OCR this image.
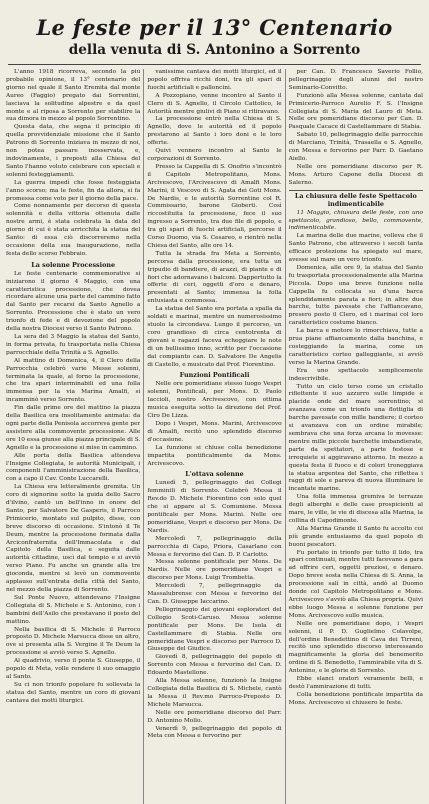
Le feste per il 13° Centenario
della venuta di S. Antonino a Sorrento

L'anno 1918 ricorreva, secondo la più probabile opinione, il 13° centenario del giorno nel quale il Santo Eremita dal monte Aureo (Faggio) pregato dai Sorrentini, lasciava la solitudine alpestre e da quel monte e al riposa a Sorrento per stabilire la sua dimora in mezzo al popolo Sorrentino.

Questa data, che segna il principio di quella provvidenziale missione che il Santo Patrono di Sorrento iniziava in mezzo di noi, non potea passare inosservata, e, indovinamente, i preposti alla Chiesa del Santo l'hanno voluto celebrare con speciali e solenni festeggiamenti.

La guerra impedì che fosse festeggiata l'anno scorso; ma le feste, fin da allora, si fa promessa come voto per il giorno della pace.

Come nonnamente per decorso di questa solennità e della vittoria ottenuta dalle nostre armi, è stata celebrata la data del giorno di cui è stata arricchita la statua del Santo: di essa ciò discorreremo nella occasione della sua inaugurazione, nella festa dello scorso Febbraio.

La solenne Processione

Le feste centenarie commemorative si iniziarono il giorno 4 Maggio, con una caratteristica processione, che dovea ricordare alcune una parte del cammino fatto dal Santo per recarsi da Santo Agnello a Sorrento. Processione che è stato un vero trionfo di fede e di devozione del popolo della nostra Diocesi verso il Santo Patrono.

La sera del 3 Maggio la statua del Santo, in forma privata, fu trasportata nella Chiesa parrocchiale della Trinità a S. Agnello.

Al mattino di Domenica, 4, il Clero della Parrocchia celebrò varie Messe solenni, terminata la quale, al forno la processione, che tra spari interminabili ed una folla immensa per la via Marina Amalfi, si incamminò verso Sorrento.

Fin dalle prime ore del mattino la piazza della Basilica era insolitamente animata: da ogni parte della Penisola accorreva gente per assistere alla commovente processione. Alle ore 10 essa giunse alla piazza principale di S. Agnello e la processione si mise in cammino.

Alle porta della Basilica attendeva l'Insigne Collegiata, le autorità Municipali, i componenti l'amministrazione della Basilica, con a capo il Cav. Conte Luccarelli.

La Chiesa era letteralmente gremita. Un coro di signorine sotto la guida dello Sacro d'ilvino, cantò un bell'inno in onore del Santo, per Salvatore De Gasperis, il Parroco Primicerio, montato sul pulpito, disse, con breve discorso di occasione. S'intonò il Te Deum, mentre la processione formata dalla Arciconfraternita dell'Immacolata e dal Capitolo della Basilica, e seguita dalle autorità cittadine, uscì dal tempio e si avviò verso Piano. Fu anche un grande alla tre gioconda, mentre si levò un commovente applauso sull'entrata della città del Santo, nel mezzo della piazza di Sorrento.

Sul Ponte Nuovo, attendevano l'Insigne Collegiata di S. Michele e S. Antonino, con i bambini dell'Asilo che prestavano il posto del mattino.

Nella basilica di S. Michele il Parroco proposto D. Michele Marsucca disse un altro, ove si presenta alla S. Vergine il Te Deum la processione si avviò verso S. Agnello.

Al quadrivio, verso il ponte S. Giuseppe, il popolo di Meta, volle rendere il suo omaggio al Santo.

Su ci non trionfo popolare fu sollevata la statua del Santo, mentre un coro di giovani cantava dei motti liturgici.

vanissime cantava dei motti liturgici, ed il popolo offriva ricchi doni, tra gli spari di fuochi artificiali e palloncini.

A Pozzopiano, venne incontro al Santo il Clero di S. Agnello, il Circolo Cattolico, le Autorità mentre giulivi di Piano si ritiravano.

La processione entrò nella Chiesa di S. Agnello, dove le autorità ed il popolo prestarono al Santo i loro doni e le loro offerte.

Quivi vennero incontro al Santo le corporazioni di Sorrento.

Presso la Cappella di S. Onofrio s'incontrò il Capitolo Metropolitano, Mons. Arcivescovo, l'Arcivescovo di Amalfi Mons. Marini, il Vescovo di S. Agata dei Goti Mons. De Nardis, e le autorità Sorrentine col R. Commissario, barone Gioberti. Così riccostituita la processione, fece il suo ingresso a Sorrento, tra due file di popolo, e tra gli spari di fuochi artificiali, percorse il Corso Duomo, via S. Cesareo, e rientrò nella Chiesa del Santo, alle ore 14.

Tutta la strada fra Meta a Sorrento, percorsa dalla processione, era tutta un tripudio di bandiere, di arazzi, di piante e di fiori che adornavano i balconi. Dappertutto la offerte di ceri, oggetti d'oro e denaro, presentati al Santo; immensa la folla entusiasta e commossa.

La statua del Santo era portata a spalla da soldati e marinai, mentre un numerosissimo stuolo la circondava. Lungo il percorso, un coro grandioso di circa centotrenta di giovani e ragazzi faceva echeggiare le note di un bellissimo inno, scritto per l'occasione dal compianto can. D. Salvatore De Angelis di Castello, e musicato dal Prof. Fiorentino.

Funzioni Pontificali

Nelle ore pomeridiane stesso luogo Vespri solenni, Pontificali, per Mons. D. Paolo Iaccioli, nostro Arcivescovo, con ottima musica eseguita sotto la direzione del Prof. Ciro De Lizza.

Dopo i Vespri, Mons. Marini, Arcivescovo di Amalfi, recitò uno splendido discorso d'occasione.

La funzione si chiuse colla benedizione impartita pontificalmente da Mons. Arcivescovo.

L'ottava solenne

Lunedì 5, pellegrinaggio dei Collegi femminili di Sorrento. Celebrò Messa il Rev.do D. Michele Fiorentino con solo quel che si appare al S. Comunione. Messa pontificale per Mons. Marini. Nelle ore pomeridiane, Vespri e discorso per Mons. De Nardis.

Mercoledì 7, pellegrinaggio della parrocchia di Capo, Priora, Casarlano con Messa e fervorino del Can. D. P. Carlotto.

Messa solenne pontificale per Mons. De Nardis. Nelle ore pomeridiane Vespri e discorso per Mons. Luigi Trombetta.

Mercoledì 7, pellegrinaggio da Massalubrense con Messa e fervorino del Can. D. Giuseppe Iaccarino.

Pellegrinaggio dei giovani esploratori del Collegio Scoti-Caruso. Messa solenne pontificale per Mons. De Isola di Castellammare di Stabia. Nelle ore pomeridiane Vespri e discorso per Parroco D. Giuseppe del Giudice.

Giovedì 8, pellegrinaggio del popolo di Sorrento con Messa e fervorino del Can. D. Edoardo Mastellone.

Alla Messa solenne, funzionò la Insigne Collegiata della Basilica di S. Michele, cantò la Messa il Rev.mo Parroco-Preposto D. Michele Marsucca.

Nelle ore pomeridiane discorso del Parr. D. Antonino Mollo.

Venerdì 9, pellegrinaggio dei popolo di Meta con Messa e fervorino per

per Can. D. Francesco Saverio Follio, pellegrinaggio degli alunni del nostro Seminario-Convitto.

Funzionò alla Messa solenne, cantata dal Primicerio-Parroco Aurelio F. S. l'Insigne Collegiata di S. Maria del Lauro di Meta. Nelle ore pomeridiane discorso per Can. D. Pasquale Cacace di Castellammare di Stabia.

Sabato 10, pellegrinaggio delle parrocchie di Marciano, Trinità, Trasaella e S. Agnello, con Messa e fervorino per Parr. D. Gaetano Aiello.

Nelle ore pomeridiane discorso per R. Mons. Arturo Capone della Diocesi di Salerno.

La chiusura delle feste Spettacolo indimenticabile

11 Maggio, chiusura delle feste, con uno spettacolo, grandioso, bello, commovente, indimenticabile.

La marina delle due marine, volleva che il Santo Patrono, che attraverso i secoli tanta efficace protezione ha spiegato sul mare, avesse sul mare un vero trionfo.

Domenica, alle ore 9, la statua del Santo fu trasportata processionalmente alla Marina Piccola. Dopo una breve funzione nella Cappella fu collocata su d'una barca splendidamente parata a fiori; in altre due barche, tutte pavesate che l'affiancavano, presero posto il Clero, ed i marinai col loro caratteristico costume bianco.

La barca e motore lo rimorchiava, tutte a prua piane affiancamento dalla banchina, e costeggiando la marina, come un caratteristico corteo galleggiante, si avviò verso la Marina Grande.

Era uno spettacolo semplicemente indescrivibile.

Tutto un cielo terso come un cristallo riflettente il suo azzurro sulle limpide e placide onde del mare sorrentino; si avanzava come un trionfo una flottiglia di barche pavesate con mille bandiere; il corteo si avanzava con un ordine mirabile; sembrava che una forza arcana lo movesse: mentre mille piccole barchette imbandierate, parte da spettatori, a parte festose e irrequiete si aggiravano attorno. In mezzo a questa festa il fuoco e di colori troneggiava la statua argentea del Santo, che riflettea i raggi di sole e pareva di nuova illuminare le incantate marine.

Una folla immensa gremiva le terrazze degli alberghi e delle case prospicienti al mare, le ville, le vie di discesa alla Marina, la collina di Capodimonte.

Alla Marina Grande il Santo fu accolto coi più grande entusiasmo da quel popolo di buoni pescatori.

Fu portato in trionfo per tutto il lido, tra spari continuati, mentre tutti facevano a gara ad offrire ceri, oggetti preziosi, e denaro. Dopo breve sosta nella Chiesa di S. Anna, la processione salì in città, andò al Duomo donde col Capitolo Metropolitano e Mons. Arcivescovo s'avviò alla Chiesa propria. Quivi ebbe luogo Messa e solenne funzione per Mons. Arcivescovo sullo musica.

Nelle ore pomeridiane dopo, i Vespri solenni, il P. D. Guglielmo Colavolpe, dell'ordine Benedettino di Cava dei Tirreni, recitò uno splendido discorso interessando magnificamente la gloria del benemerito ordine di S. Benedetto, l'ammirabile vita di S. Antonino, e le glorie di Sorrento.

Ebbe slanci oratori veramente belli, e destò l'ammirazione di tutti.

Colla benedizione pontificale impartita da Mons. Arcivescovo si chiusero le feste.
